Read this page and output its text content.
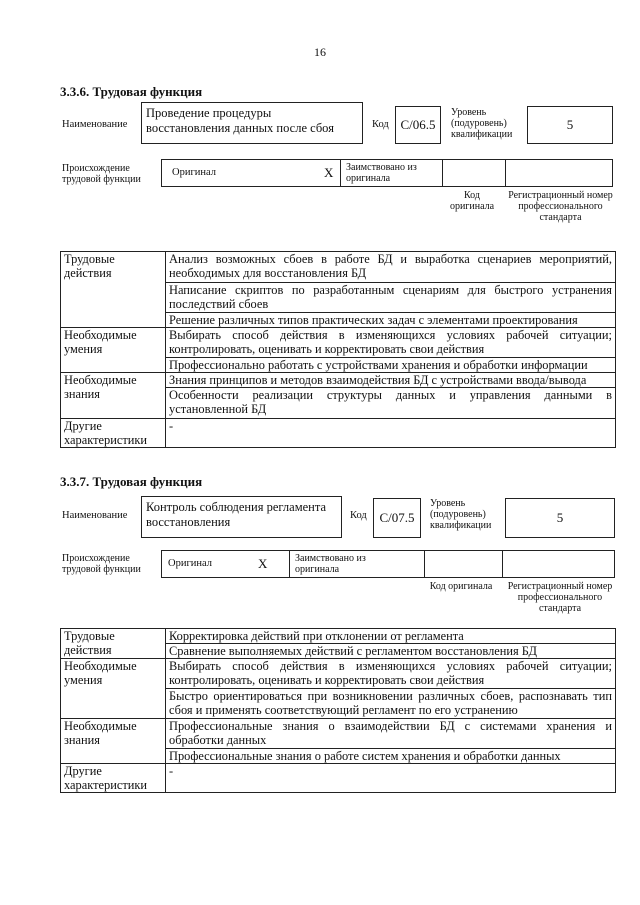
16
3.3.6. Трудовая функция
Наименование
Проведение процедуры восстановления данных после сбоя	Код C/06.5
Уровень (подуровень) квалификации
5
Происхождение трудовой функции
Оригинал	X Заимствовано из оригинала
Код оригинала
Регистрационный номер профессионального стандарта
Трудовые действия	Анализ возможных сбоев в работе БД и выработка сценариев мероприятий, необходимых для восстановления БД
	Написание скриптов по разработанным сценариям для быстрого устранения последствий сбоев
	Решение различных типов практических задач с элементами проектирования
Необходимые умения	Выбирать способ действия в изменяющихся условиях рабочей ситуации; контролировать, оценивать и корректировать свои действия
	Профессионально работать с устройствами хранения и обработки информации
Необходимые знания	Знания принципов и методов взаимодействия БД с устройствами ввода/вывода
	Особенности реализации структуры данных и управления данными в установленной БД
Другие характеристики	-
3.3.7. Трудовая функция
Наименование
Контроль соблюдения регламента восстановления	Код C/07.5
Уровень (подуровень) квалификации
5
Происхождение трудовой функции
Оригинал	X	Заимствовано из оригинала
Код оригинала	Регистрационный номер профессионального стандарта
Трудовые действия	Корректировка действий при отклонении от регламента
	Сравнение выполняемых действий с регламентом восстановления БД
Необходимые умения	Выбирать способ действия в изменяющихся условиях рабочей ситуации; контролировать, оценивать и корректировать свои действия
	Быстро ориентироваться при возникновении различных сбоев, распознавать тип сбоя и применять соответствующий регламент по его устранению
Необходимые знания	Профессиональные знания о взаимодействии БД с системами хранения и обработки данных
	Профессиональные знания о работе систем хранения и обработки данных
Другие характеристики	-
